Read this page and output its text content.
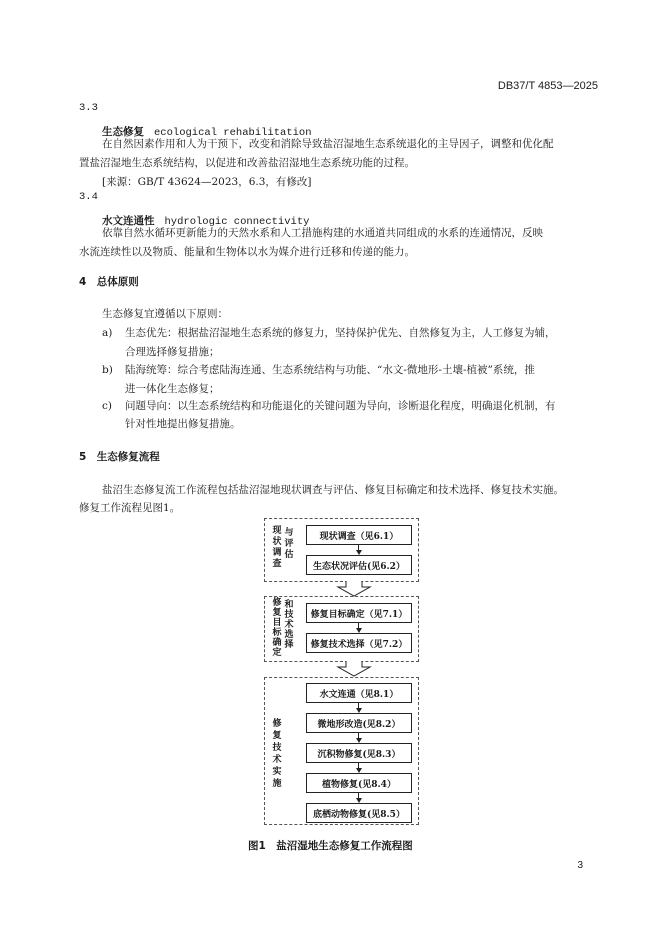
DB37/T 4853—2025
3.3
生态修复 ecological rehabilitation
在自然因素作用和人为干预下，改变和消除导致盐沼湿地生态系统退化的主导因子，调整和优化配
置盐沼湿地生态系统结构，以促进和改善盐沼湿地生态系统功能的过程。
[来源：GB/T 43624—2023，6.3，有修改]
3.4
水文连通性 hydrologic connectivity
依靠自然水循环更新能力的天然水系和人工措施构建的水通道共同组成的水系的连通情况，反映
水流连续性以及物质、能量和生物体以水为媒介进行迁移和传递的能力。
4　总体原则
生态修复宜遵循以下原则：
a) 生态优先：根据盐沼湿地生态系统的修复力，坚持保护优先、自然修复为主，人工修复为辅，
合理选择修复措施；
b) 陆海统筹：综合考虑陆海连通、生态系统结构与功能、“水文-微地形-土壤-植被”系统，推
进一体化生态修复；
c) 问题导向：以生态系统结构和功能退化的关键问题为导向，诊断退化程度，明确退化机制，有
针对性地提出修复措施。
5　生态修复流程
盐沼生态修复流工作流程包括盐沼湿地现状调查与评估、修复目标确定和技术选择、修复技术实施。
修复工作流程见图1。
现状调查
与评估
现状调查（见6.1）
生态状况评估(见6.2）
修复目标确定
和技术选择
修复目标确定（见7.1）
修复技术选择（见7.2）
修复技术实施
水文连通（见8.1）
微地形改造(见8.2）
沉积物修复(见8.3）
植物修复(见8.4）
底栖动物修复(见8.5）
图1　盐沼湿地生态修复工作流程图
3
